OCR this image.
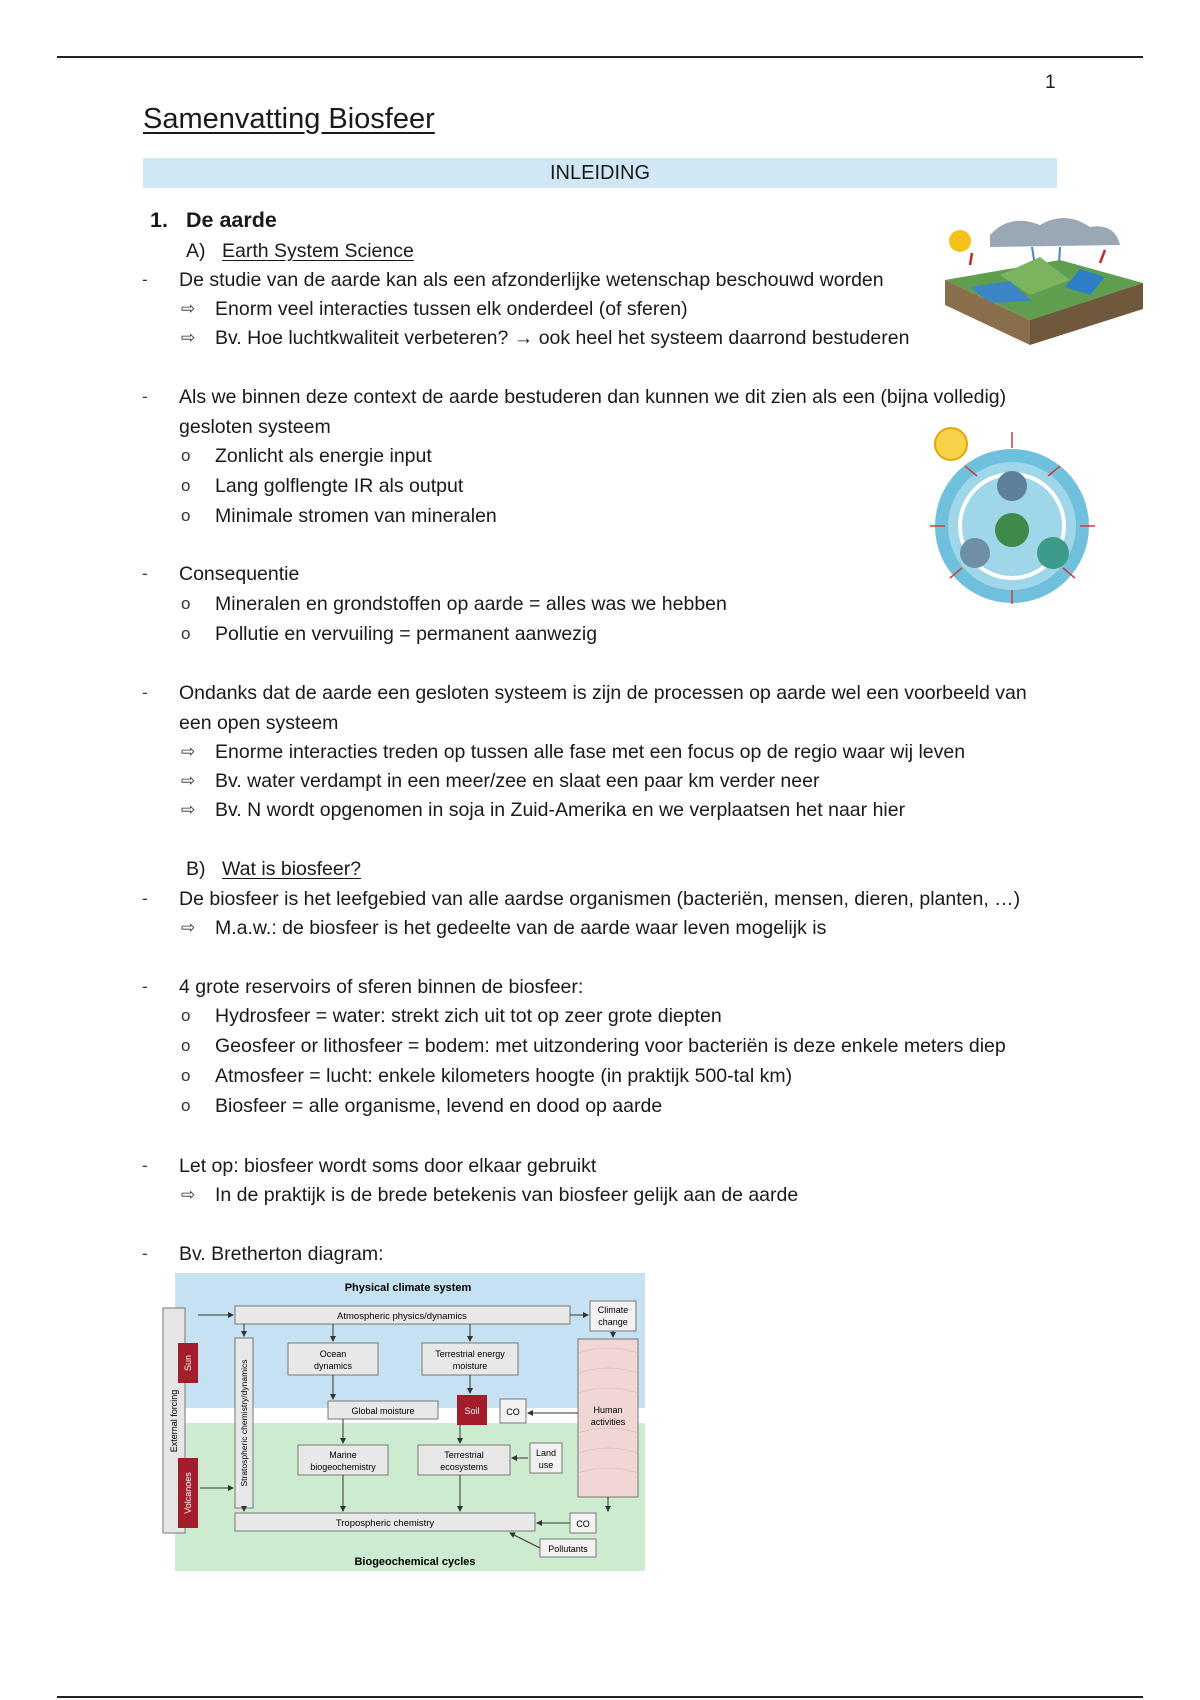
1
Samenvatting Biosfeer
INLEIDING
1. De aarde
A) Earth System Science
- De studie van de aarde kan als een afzonderlijke wetenschap beschouwd worden
⇨ Enorm veel interacties tussen elk onderdeel (of sferen)
⇨ Bv. Hoe luchtkwaliteit verbeteren? → ook heel het systeem daarrond bestuderen
- Als we binnen deze context de aarde bestuderen dan kunnen we dit zien als een (bijna volledig)
gesloten systeem
o Zonlicht als energie input
o Lang golflengte IR als output
o Minimale stromen van mineralen
- Consequentie
o Mineralen en grondstoffen op aarde = alles was we hebben
o Pollutie en vervuiling = permanent aanwezig
- Ondanks dat de aarde een gesloten systeem is zijn de processen op aarde wel een voorbeeld van
een open systeem
⇨ Enorme interacties treden op tussen alle fase met een focus op de regio waar wij leven
⇨ Bv. water verdampt in een meer/zee en slaat een paar km verder neer
⇨ Bv. N wordt opgenomen in soja in Zuid-Amerika en we verplaatsen het naar hier
B) Wat is biosfeer?
- De biosfeer is het leefgebied van alle aardse organismen (bacteriën, mensen, dieren, planten, …)
⇨ M.a.w.: de biosfeer is het gedeelte van de aarde waar leven mogelijk is
- 4 grote reservoirs of sferen binnen de biosfeer:
o Hydrosfeer = water: strekt zich uit tot op zeer grote diepten
o Geosfeer or lithosfeer = bodem: met uitzondering voor bacteriën is deze enkele meters diep
o Atmosfeer = lucht: enkele kilometers hoogte (in praktijk 500-tal km)
o Biosfeer = alle organisme, levend en dood op aarde
- Let op: biosfeer wordt soms door elkaar gebruikt
⇨ In de praktijk is de brede betekenis van biosfeer gelijk aan de aarde
- Bv. Bretherton diagram:
Physical climate system
Biogeochemical cycles
External forcing
Sun
Volcanoes
Atmospheric physics/dynamics
Climate
change
Stratospheric chemistry/dynamics
Ocean
dynamics
Terrestrial energy
moisture
Global moisture	Soil	CO	Human
activities
Marine
biogeochemistry
Terrestrial
ecosystems
Land
use
Tropospheric chemistry	CO
Pollutants
